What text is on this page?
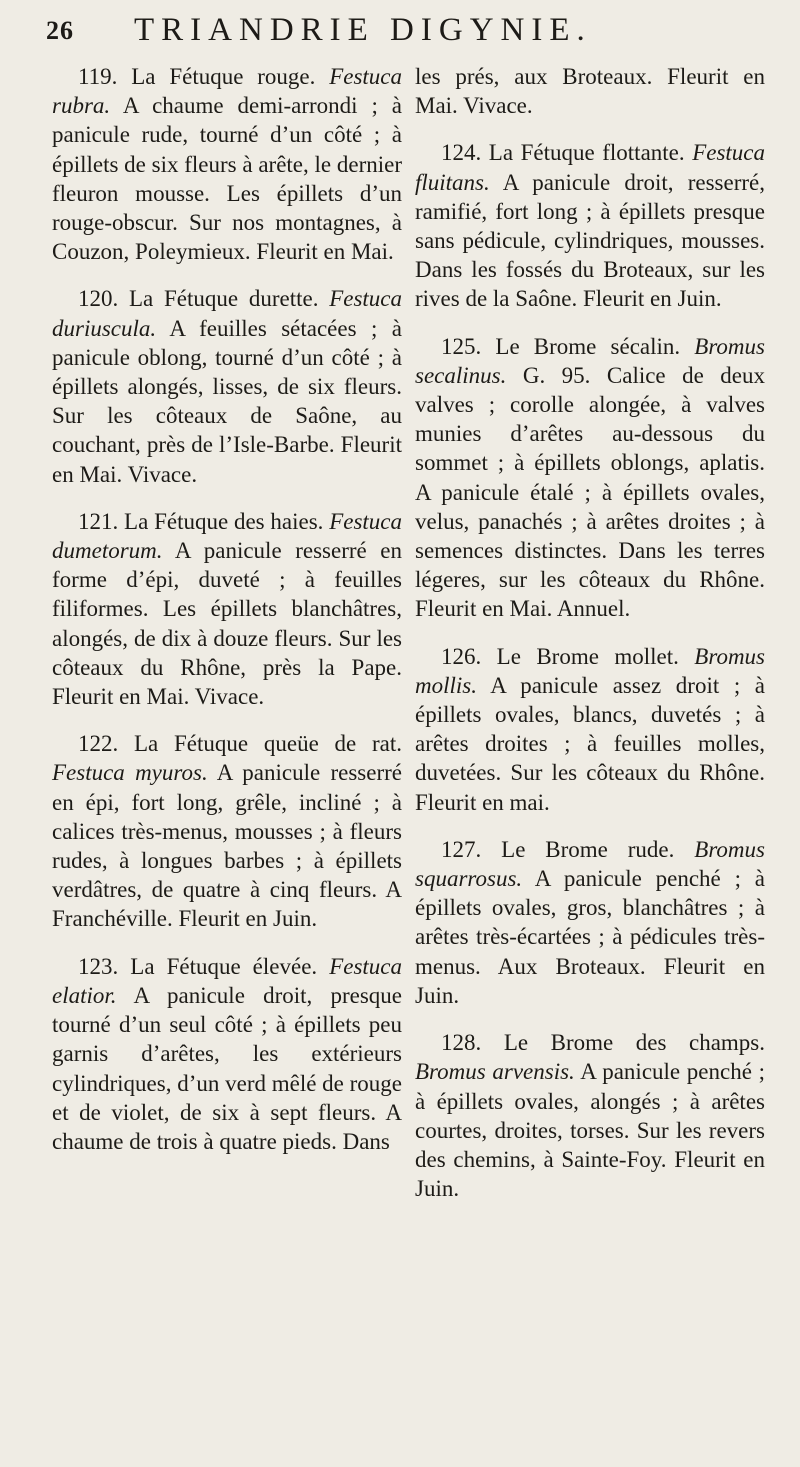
26 TRIANDRIE DIGYNIE.

119. La Fétuque rouge. Festuca rubra. A chaume demi-arrondi ; à panicule rude, tourné d’un côté ; à épillets de six fleurs à arête, le dernier fleuron mousse. Les épillets d’un rouge-obscur. Sur nos montagnes, à Couzon, Poleymieux. Fleurit en Mai.

120. La Fétuque durette. Festuca duriuscula. A feuilles sétacées ; à panicule oblong, tourné d’un côté ; à épillets alongés, lisses, de six fleurs. Sur les côteaux de Saône, au couchant, près de l’Isle-Barbe. Fleurit en Mai. Vivace.

121. La Fétuque des haies. Festuca dumetorum. A panicule resserré en forme d’épi, duveté ; à feuilles filiformes. Les épillets blanchâtres, alongés, de dix à douze fleurs. Sur les côteaux du Rhône, près la Pape. Fleurit en Mai. Vivace.

122. La Fétuque queüe de rat. Festuca myuros. A panicule resserré en épi, fort long, grêle, incliné ; à calices très-menus, mousses ; à fleurs rudes, à longues barbes ; à épillets verdâtres, de quatre à cinq fleurs. A Franchéville. Fleurit en Juin.

123. La Fétuque élevée. Festuca elatior. A panicule droit, presque tourné d’un seul côté ; à épillets peu garnis d’arêtes, les extérieurs cylindriques, d’un verd mêlé de rouge et de violet, de six à sept fleurs. A chaume de trois à quatre pieds. Dans

les prés, aux Broteaux. Fleurit en Mai. Vivace.

124. La Fétuque flottante. Festuca fluitans. A panicule droit, resserré, ramifié, fort long ; à épillets presque sans pédicule, cylindriques, mousses. Dans les fossés du Broteaux, sur les rives de la Saône. Fleurit en Juin.

125. Le Brome sécalin. Bromus secalinus. G. 95. Calice de deux valves ; corolle alongée, à valves munies d’arêtes au-dessous du sommet ; à épillets oblongs, aplatis. A panicule étalé ; à épillets ovales, velus, panachés ; à arêtes droites ; à semences distinctes. Dans les terres légeres, sur les côteaux du Rhône. Fleurit en Mai. Annuel.

126. Le Brome mollet. Bromus mollis. A panicule assez droit ; à épillets ovales, blancs, duvetés ; à arêtes droites ; à feuilles molles, duvetées. Sur les côteaux du Rhône. Fleurit en mai.

127. Le Brome rude. Bromus squarrosus. A panicule penché ; à épillets ovales, gros, blanchâtres ; à arêtes très-écartées ; à pédicules très-menus. Aux Broteaux. Fleurit en Juin.

128. Le Brome des champs. Bromus arvensis. A panicule penché ; à épillets ovales, alongés ; à arêtes courtes, droites, torses. Sur les revers des chemins, à Sainte-Foy. Fleurit en Juin.
